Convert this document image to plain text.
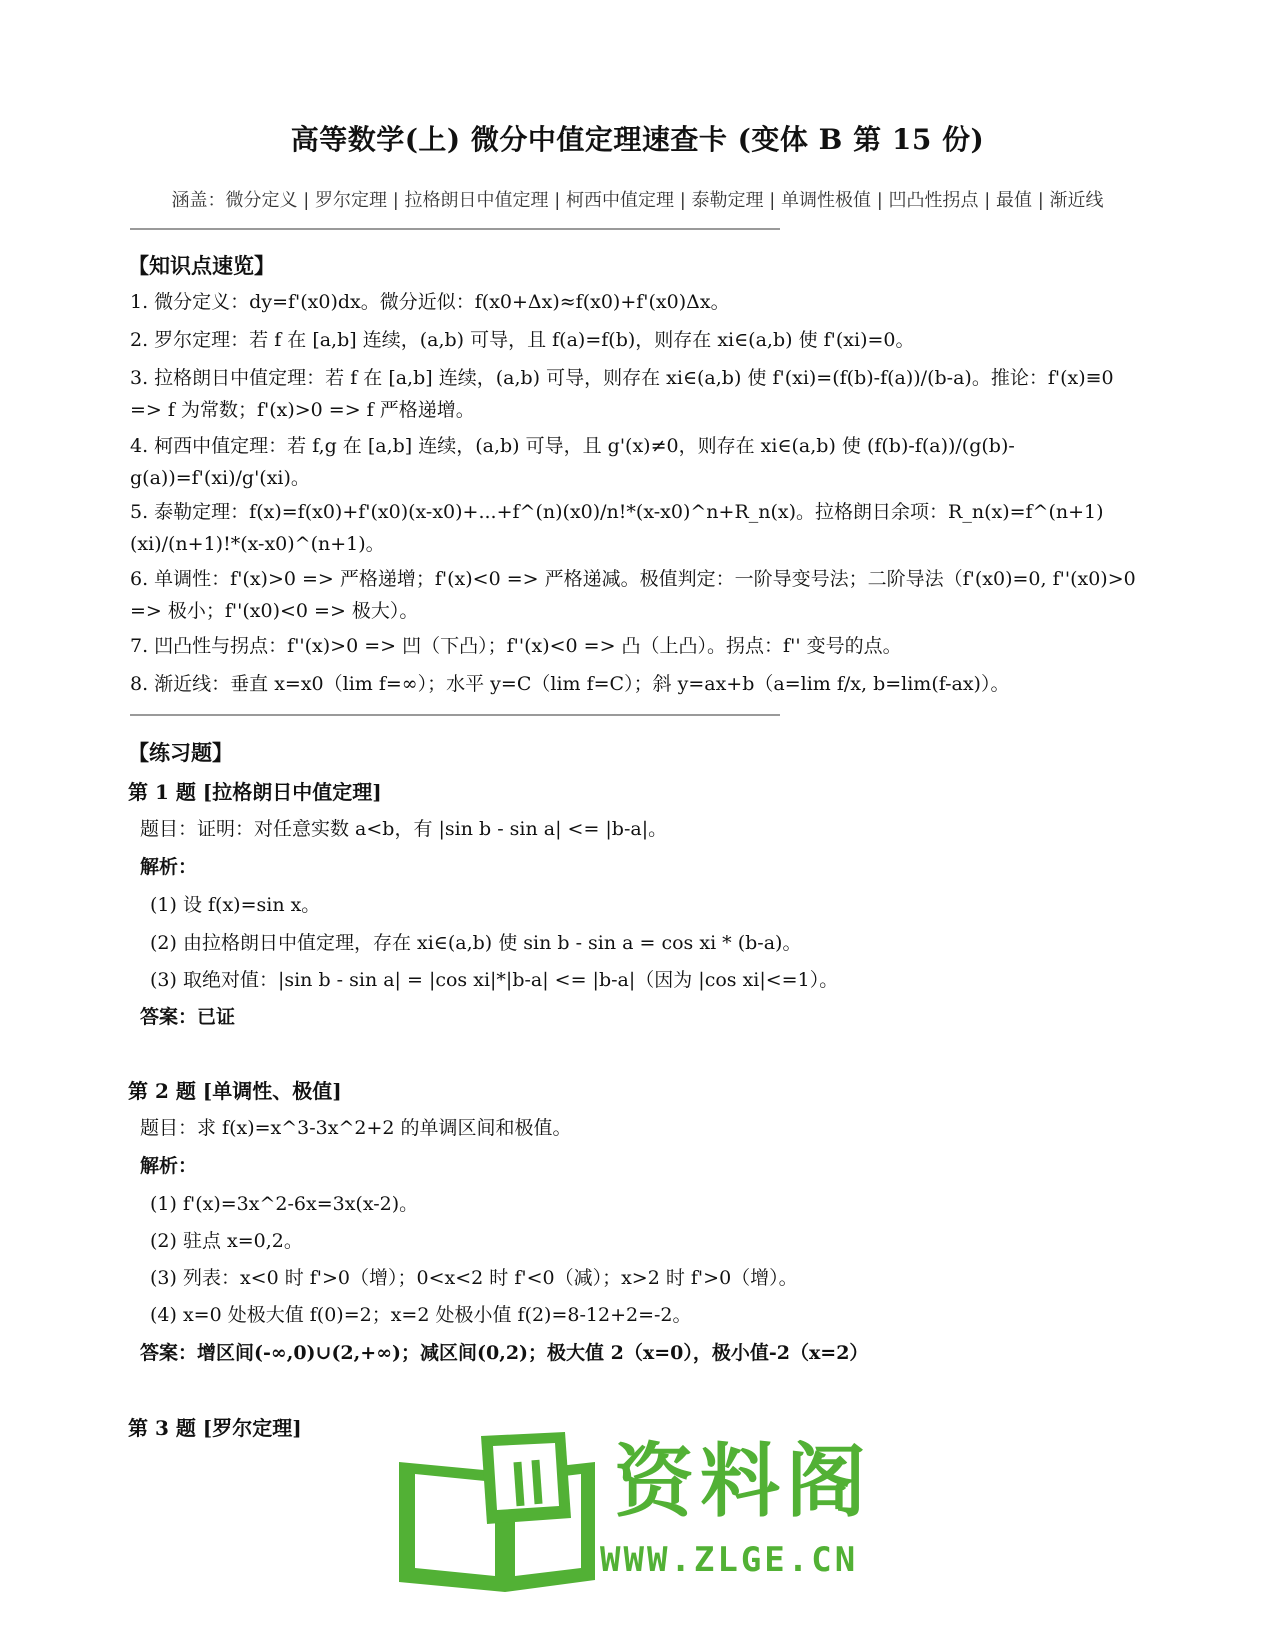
高等数学(上) 微分中值定理速查卡 (变体 B 第 15 份)
涵盖：微分定义 | 罗尔定理 | 拉格朗日中值定理 | 柯西中值定理 | 泰勒定理 | 单调性极值 | 凹凸性拐点 | 最值 | 渐近线
【知识点速览】
1. 微分定义：dy=f'(x0)dx。微分近似：f(x0+Δx)≈f(x0)+f'(x0)Δx。
2. 罗尔定理：若 f 在 [a,b] 连续，(a,b) 可导，且 f(a)=f(b)，则存在 xi∈(a,b) 使 f'(xi)=0。
3. 拉格朗日中值定理：若 f 在 [a,b] 连续，(a,b) 可导，则存在 xi∈(a,b) 使 f'(xi)=(f(b)-f(a))/(b-a)。推论：f'(x)≡0 => f 为常数；f'(x)>0 => f 严格递增。
4. 柯西中值定理：若 f,g 在 [a,b] 连续，(a,b) 可导，且 g'(x)≠0，则存在 xi∈(a,b) 使 (f(b)-f(a))/(g(b)-g(a))=f'(xi)/g'(xi)。
5. 泰勒定理：f(x)=f(x0)+f'(x0)(x-x0)+...+f^(n)(x0)/n!*(x-x0)^n+R_n(x)。拉格朗日余项：R_n(x)=f^(n+1)(xi)/(n+1)!*(x-x0)^(n+1)。
6. 单调性：f'(x)>0 => 严格递增；f'(x)<0 => 严格递减。极值判定：一阶导变号法；二阶导法（f'(x0)=0, f''(x0)>0 => 极小；f''(x0)<0 => 极大）。
7. 凹凸性与拐点：f''(x)>0 => 凹（下凸）；f''(x)<0 => 凸（上凸）。拐点：f'' 变号的点。
8. 渐近线：垂直 x=x0（lim f=∞）；水平 y=C（lim f=C）；斜 y=ax+b（a=lim f/x, b=lim(f-ax)）。
【练习题】
第 1 题 [拉格朗日中值定理]
题目：证明：对任意实数 a<b，有 |sin b - sin a| <= |b-a|。
解析：
(1) 设 f(x)=sin x。
(2) 由拉格朗日中值定理，存在 xi∈(a,b) 使 sin b - sin a = cos xi * (b-a)。
(3) 取绝对值：|sin b - sin a| = |cos xi|*|b-a| <= |b-a|（因为 |cos xi|<=1）。
答案：已证
第 2 题 [单调性、极值]
题目：求 f(x)=x^3-3x^2+2 的单调区间和极值。
解析：
(1) f'(x)=3x^2-6x=3x(x-2)。
(2) 驻点 x=0,2。
(3) 列表：x<0 时 f'>0（增）；0<x<2 时 f'<0（减）；x>2 时 f'>0（增）。
(4) x=0 处极大值 f(0)=2；x=2 处极小值 f(2)=8-12+2=-2。
答案：增区间(-∞,0)∪(2,+∞)；减区间(0,2)；极大值 2（x=0），极小值-2（x=2）
第 3 题 [罗尔定理]
资料阁
WWW.ZLGE.CN
